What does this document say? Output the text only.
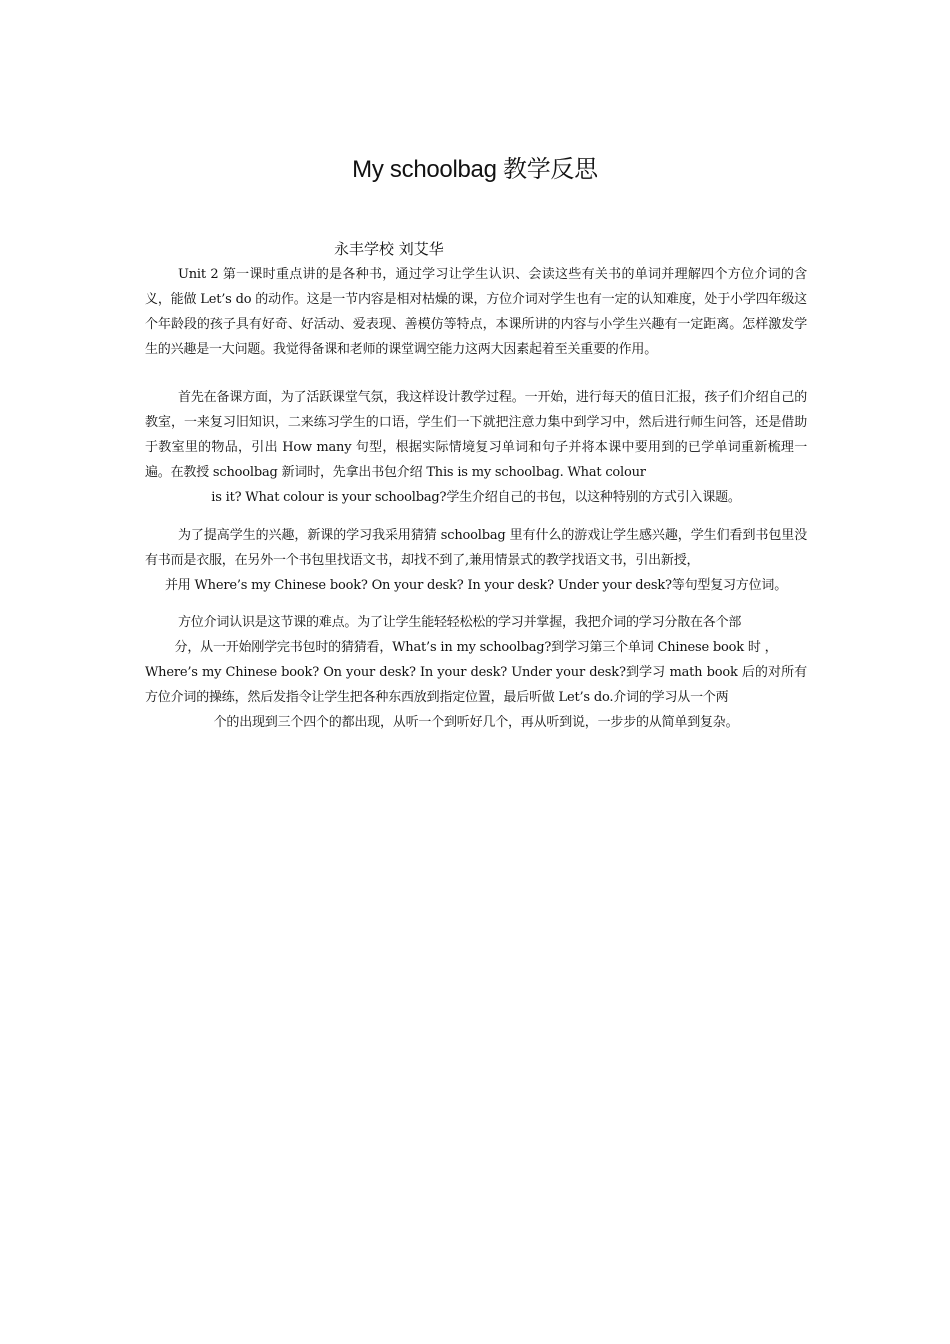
My schoolbag 教学反思

永丰学校 刘艾华

Unit 2 第一课时重点讲的是各种书，通过学习让学生认识、会读这些有关书的单词并理解四个方位介词的含义，能做 Let’s do 的动作。这是一节内容是相对枯燥的课，方位介词对学生也有一定的认知难度，处于小学四年级这个年龄段的孩子具有好奇、好活动、爱表现、善模仿等特点，本课所讲的内容与小学生兴趣有一定距离。怎样激发学生的兴趣是一大问题。我觉得备课和老师的课堂调空能力这两大因素起着至关重要的作用。

首先在备课方面，为了活跃课堂气氛，我这样设计教学过程。一开始，进行每天的值日汇报，孩子们介绍自己的教室，一来复习旧知识，二来练习学生的口语，学生们一下就把注意力集中到学习中，然后进行师生问答，还是借助于教室里的物品，引出 How many 句型，根据实际情境复习单词和句子并将本课中要用到的已学单词重新梳理一遍。在教授 schoolbag 新词时，先拿出书包介绍 This is my schoolbag. What colour
is it? What colour is your schoolbag?学生介绍自己的书包，以这种特别的方式引入课题。

为了提高学生的兴趣，新课的学习我采用猜猜 schoolbag 里有什么的游戏让学生感兴趣，学生们看到书包里没有书而是衣服，在另外一个书包里找语文书，却找不到了,兼用情景式的教学找语文书，引出新授，
并用 Where’s my Chinese book? On your desk? In your desk? Under your desk?等句型复习方位词。

方位介词认识是这节课的难点。为了让学生能轻轻松松的学习并掌握，我把介词的学习分散在各个部
分，从一开始刚学完书包时的猜猜看，What’s in my schoolbag?到学习第三个单词 Chinese book 时 ，
Where’s my Chinese book? On your desk? In your desk? Under your desk?到学习 math book 后的对所有方位介词的操练，然后发指令让学生把各种东西放到指定位置，最后听做 Let’s do.介词的学习从一个两
个的出现到三个四个的都出现，从听一个到听好几个，再从听到说，一步步的从简单到复杂。
